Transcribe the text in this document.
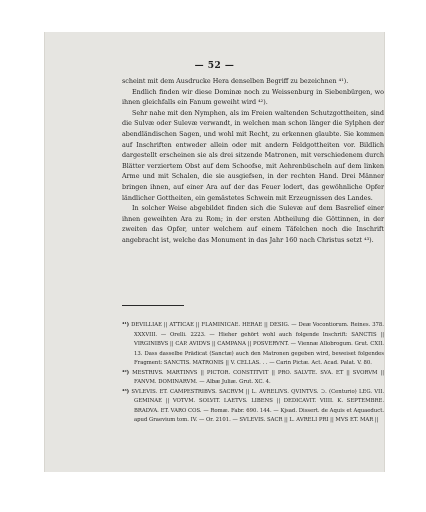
— 52 —

scheint mit dem Ausdrucke Hera denselben Begriff zu bezeichnen ⁴¹).

Endlich finden wir diese Dominæ noch zu Weissenburg in Siebenbürgen, wo ihnen gleichfalls ein Fanum geweiht wird ⁴²).

Sehr nahe mit den Nymphen, als im Freien waltenden Schutzgottheiten, sind die Sulvæ oder Sulevæ verwandt, in welchen man schon länger die Sylphen der abendländischen Sagen, und wohl mit Recht, zu erkennen glaubte. Sie kommen auf Inschriften entweder allein oder mit andern Feldgottheiten vor. Bildlich dargestellt erscheinen sie als drei sitzende Matronen, mit verschiedenem durch Blätter verziertem Obst auf dem Schoofse, mit Aehrenbüscheln auf dem linken Arme und mit Schalen, die sie ausgiefsen, in der rechten Hand. Drei Männer bringen ihnen, auf einer Ara auf der das Feuer lodert, das gewöhnliche Opfer ländlicher Gottheiten, ein gemästetes Schwein mit Erzeugnissen des Landes.

In solcher Weise abgebildet finden sich die Sulevæ auf dem Basrelief einer ihnen geweihten Ara zu Rom; in der ersten Abtheilung die Göttinnen, in der zweiten das Opfer, unter welchem auf einem Täfelchen noch die Inschrift angebracht ist, welche das Monument in das Jahr 160 nach Christus setzt ⁴³).

⁴¹) DEVILLIAE || ATTICAE || FLAMINICAE. HERAE || DESIG. — Deæ Vocontiorum. Reines. 378. XXXVIII. — Orelli. 2223. — Hieher gehört wohl auch folgende Inschrift: SANCTIS || VIRGINIBVS || CAP. AVIDVS || CAMPANA || POSVERVNT. — Viennæ Allobrogum. Grut. CXII. 13. Dass dasselbe Prädicat (Sanctæ) auch den Matronen gegeben wird, beweiset folgendes Fragment: SANCTIS. MATRONIS || V. CELLAS. . . — Carin Pictæ. Act. Acad. Palat. V. 80.

⁴²) MESTRIVS. MARTINVS || PICTOR. CONSTITVIT || PRO. SALVTE. SVA. ET || SVORVM || FANVM. DOMINARVM. — Albæ Juliæ. Grut. XC. 4.

⁴³) SVLEVIS. ET. CAMPESTRIBVS. SACRVM || L. AVRELIVS. QVINTVS. ⊃. (Centurio) LEG. VII. GEMINAE || VOTVM. SOLVIT. LAETVS. LIBENS || DEDICAVIT. VIIII. K. SEPTEMBRE. BRADVA. ET. VARO COS. — Romæ. Fabr. 690. 144. — Kjsad. Dissert. de Aquis et Aquaeduct. apud Graevium tom. IV. — Or. 2101. — SVLEVIS. SACR || L. AVRELI PRI || MVS ET. MAR ||
